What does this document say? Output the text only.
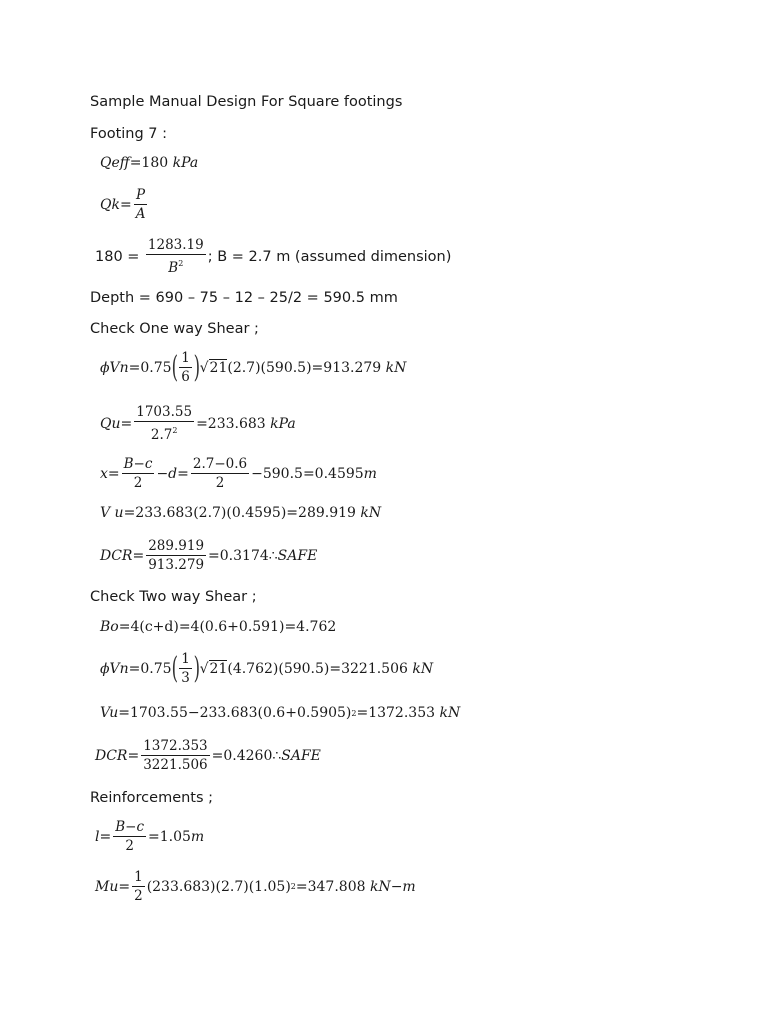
Sample Manual Design For Square footings
Footing 7 :
Qeff =180
kPa
$Qk = \frac{P}{A}$
180 =
$\frac{1283.19}{B^2}$ ; B = 2.7 m (assumed dimension)
Depth = 690 – 75 – 12 – 25/2 = 590.5 mm
Check One way Shear ;
ϕVn =0.75 ( $\frac{1}{6}$ ) √ 21 (2.7)(590.5)=913.279
kN
$Qu = \frac{1703.55}{2.7^2} =233.683$
kPa
$x = \frac{B-c}{2} -d= \frac{2.7-0.6}{2} -590.5=0.4595$ m
V u =233.683(2.7)(0.4595)=289.919
kN
DCR = $\frac{289.919}{913.279}$ =0.3174∴ SAFE
Check Two way Shear ;
Bo =4(c+d)=4(0.6+0.591)=4.762
ϕVn =0.75 ( $\frac{1}{3}$ ) √ 21 (4.762)(590.5)=3221.506
kN
Vu =1703.55−233.683(0.6+0.5905) 2 =1372.353
kN
DCR = $\frac{1372.353}{3221.506}$ =0.4260∴ SAFE
Reinforcements ;
$l = \frac{B-c}{2} =1.05$ m
$Mu = \frac{1}{2} (233.683)(2.7)(1.05)$ 2 =347.808
kN−m
